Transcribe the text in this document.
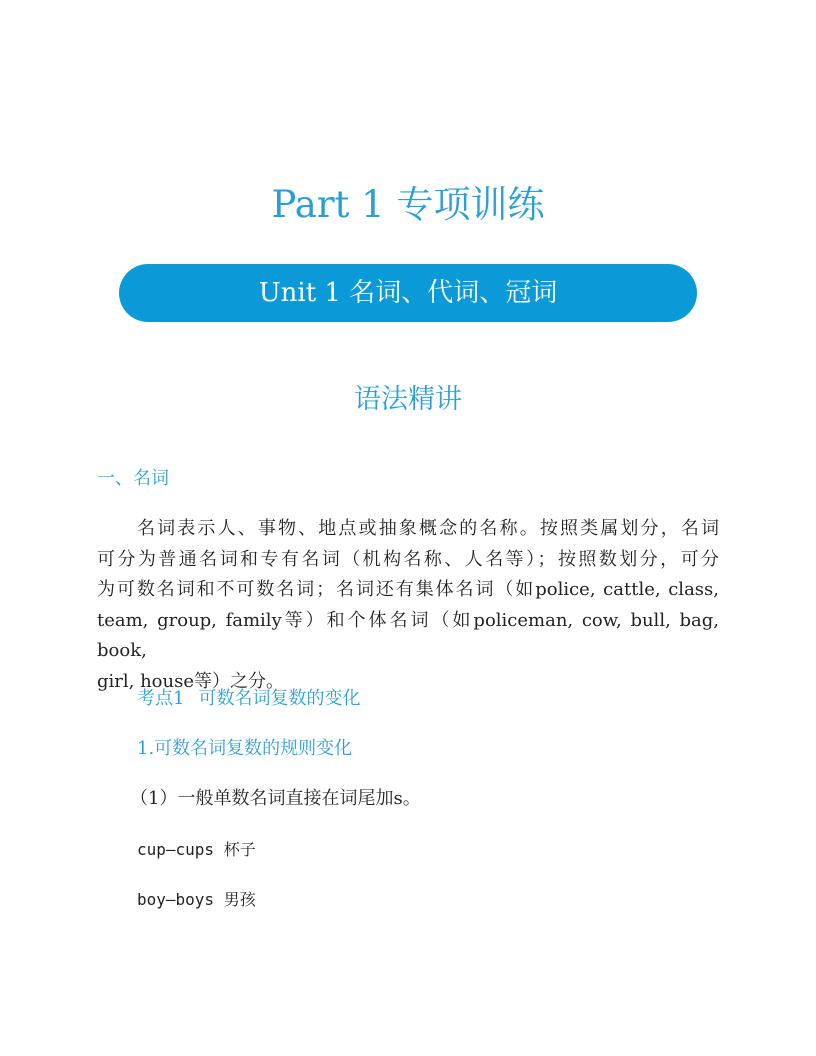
Part 1 专项训练
Unit 1 名词、代词、冠词
语法精讲
一、名词
名词表示人、事物、地点或抽象概念的名称。按照类属划分，名词
可分为普通名词和专有名词（机构名称、人名等）；按照数划分，可分
为可数名词和不可数名词；名词还有集体名词（如police, cattle, class,
team, group, family等）和个体名词（如policeman, cow, bull, bag, book,
girl, house等）之分。
考点1 可数名词复数的变化
1.可数名词复数的规则变化
（1）一般单数名词直接在词尾加s。
cup—cups 杯子
boy—boys 男孩
